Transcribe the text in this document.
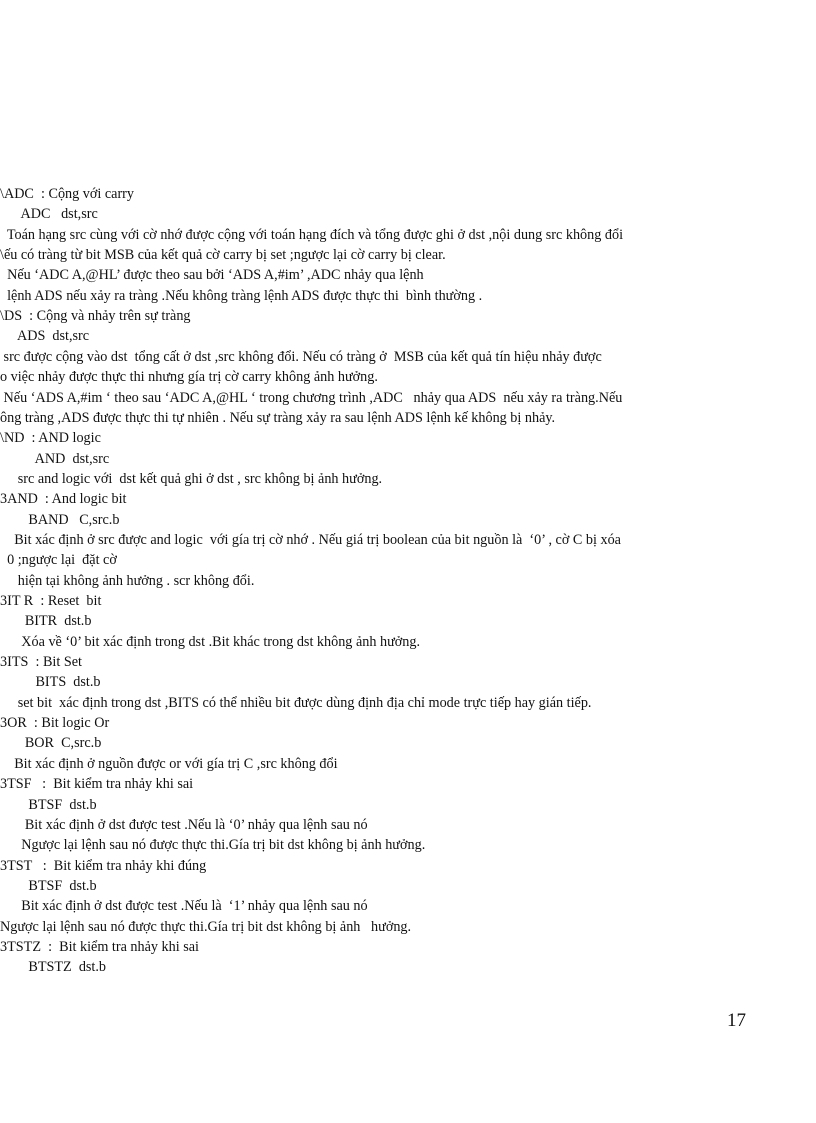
\ADC  : Cộng với carry
ADC   dst,src
Toán hạng src cùng với cờ nhớ được cộng với toán hạng đích và tổng được ghi ở dst ,nội dung src không đổi
\ếu có tràng từ bit MSB của kết quả cờ carry bị set ;ngược lại cờ carry bị clear.
Nếu ‘ADC A,@HL’ được theo sau bởi ‘ADS A,#im’ ,ADC nhảy qua lệnh
lệnh ADS nếu xảy ra tràng .Nếu không tràng lệnh ADS được thực thi  bình thường .
\DS  : Cộng và nhảy trên sự tràng
ADS  dst,src
src được cộng vào dst  tổng cất ở dst ,src không đổi. Nếu có tràng ở  MSB của kết quả tín hiệu nhảy được
o việc nhảy được thực thi nhưng gía trị cờ carry không ảnh hưởng.
Nếu ‘ADS A,#im ‘ theo sau ‘ADC A,@HL ‘ trong chương trình ,ADC   nhảy qua ADS  nếu xảy ra tràng.Nếu
ông tràng ,ADS được thực thi tự nhiên . Nếu sự tràng xảy ra sau lệnh ADS lệnh kế không bị nhảy.
\ND  : AND logic
AND  dst,src
src and logic với  dst kết quả ghi ở dst , src không bị ảnh hưởng.
3AND  : And logic bit
BAND   C,src.b
Bit xác định ở src được and logic  với gía trị cờ nhớ . Nếu giá trị boolean của bit nguồn là  ‘0’ , cờ C bị xóa
0 ;ngược lại  đặt cờ
hiện tại không ảnh hưởng . scr không đổi.
3IT R  : Reset  bit
BITR  dst.b
Xóa về ‘0’ bit xác định trong dst .Bit khác trong dst không ảnh hưởng.
3ITS  : Bit Set
BITS  dst.b
set bit  xác định trong dst ,BITS có thể nhiều bit được dùng định địa chỉ mode trực tiếp hay gián tiếp.
3OR  : Bit logic Or
BOR  C,src.b
Bit xác định ở nguồn được or với gía trị C ,src không đổi
3TSF   :  Bit kiểm tra nhảy khi sai
BTSF  dst.b
Bit xác định ở dst được test .Nếu là ‘0’ nhảy qua lệnh sau nó
Ngược lại lệnh sau nó được thực thi.Gía trị bit dst không bị ảnh hưởng.
3TST   :  Bit kiểm tra nhảy khi đúng
BTSF  dst.b
Bit xác định ở dst được test .Nếu là  ‘1’ nhảy qua lệnh sau nó
Ngược lại lệnh sau nó được thực thi.Gía trị bit dst không bị ảnh   hưởng.
3TSTZ  :  Bit kiểm tra nhảy khi sai
BTSTZ  dst.b
17
